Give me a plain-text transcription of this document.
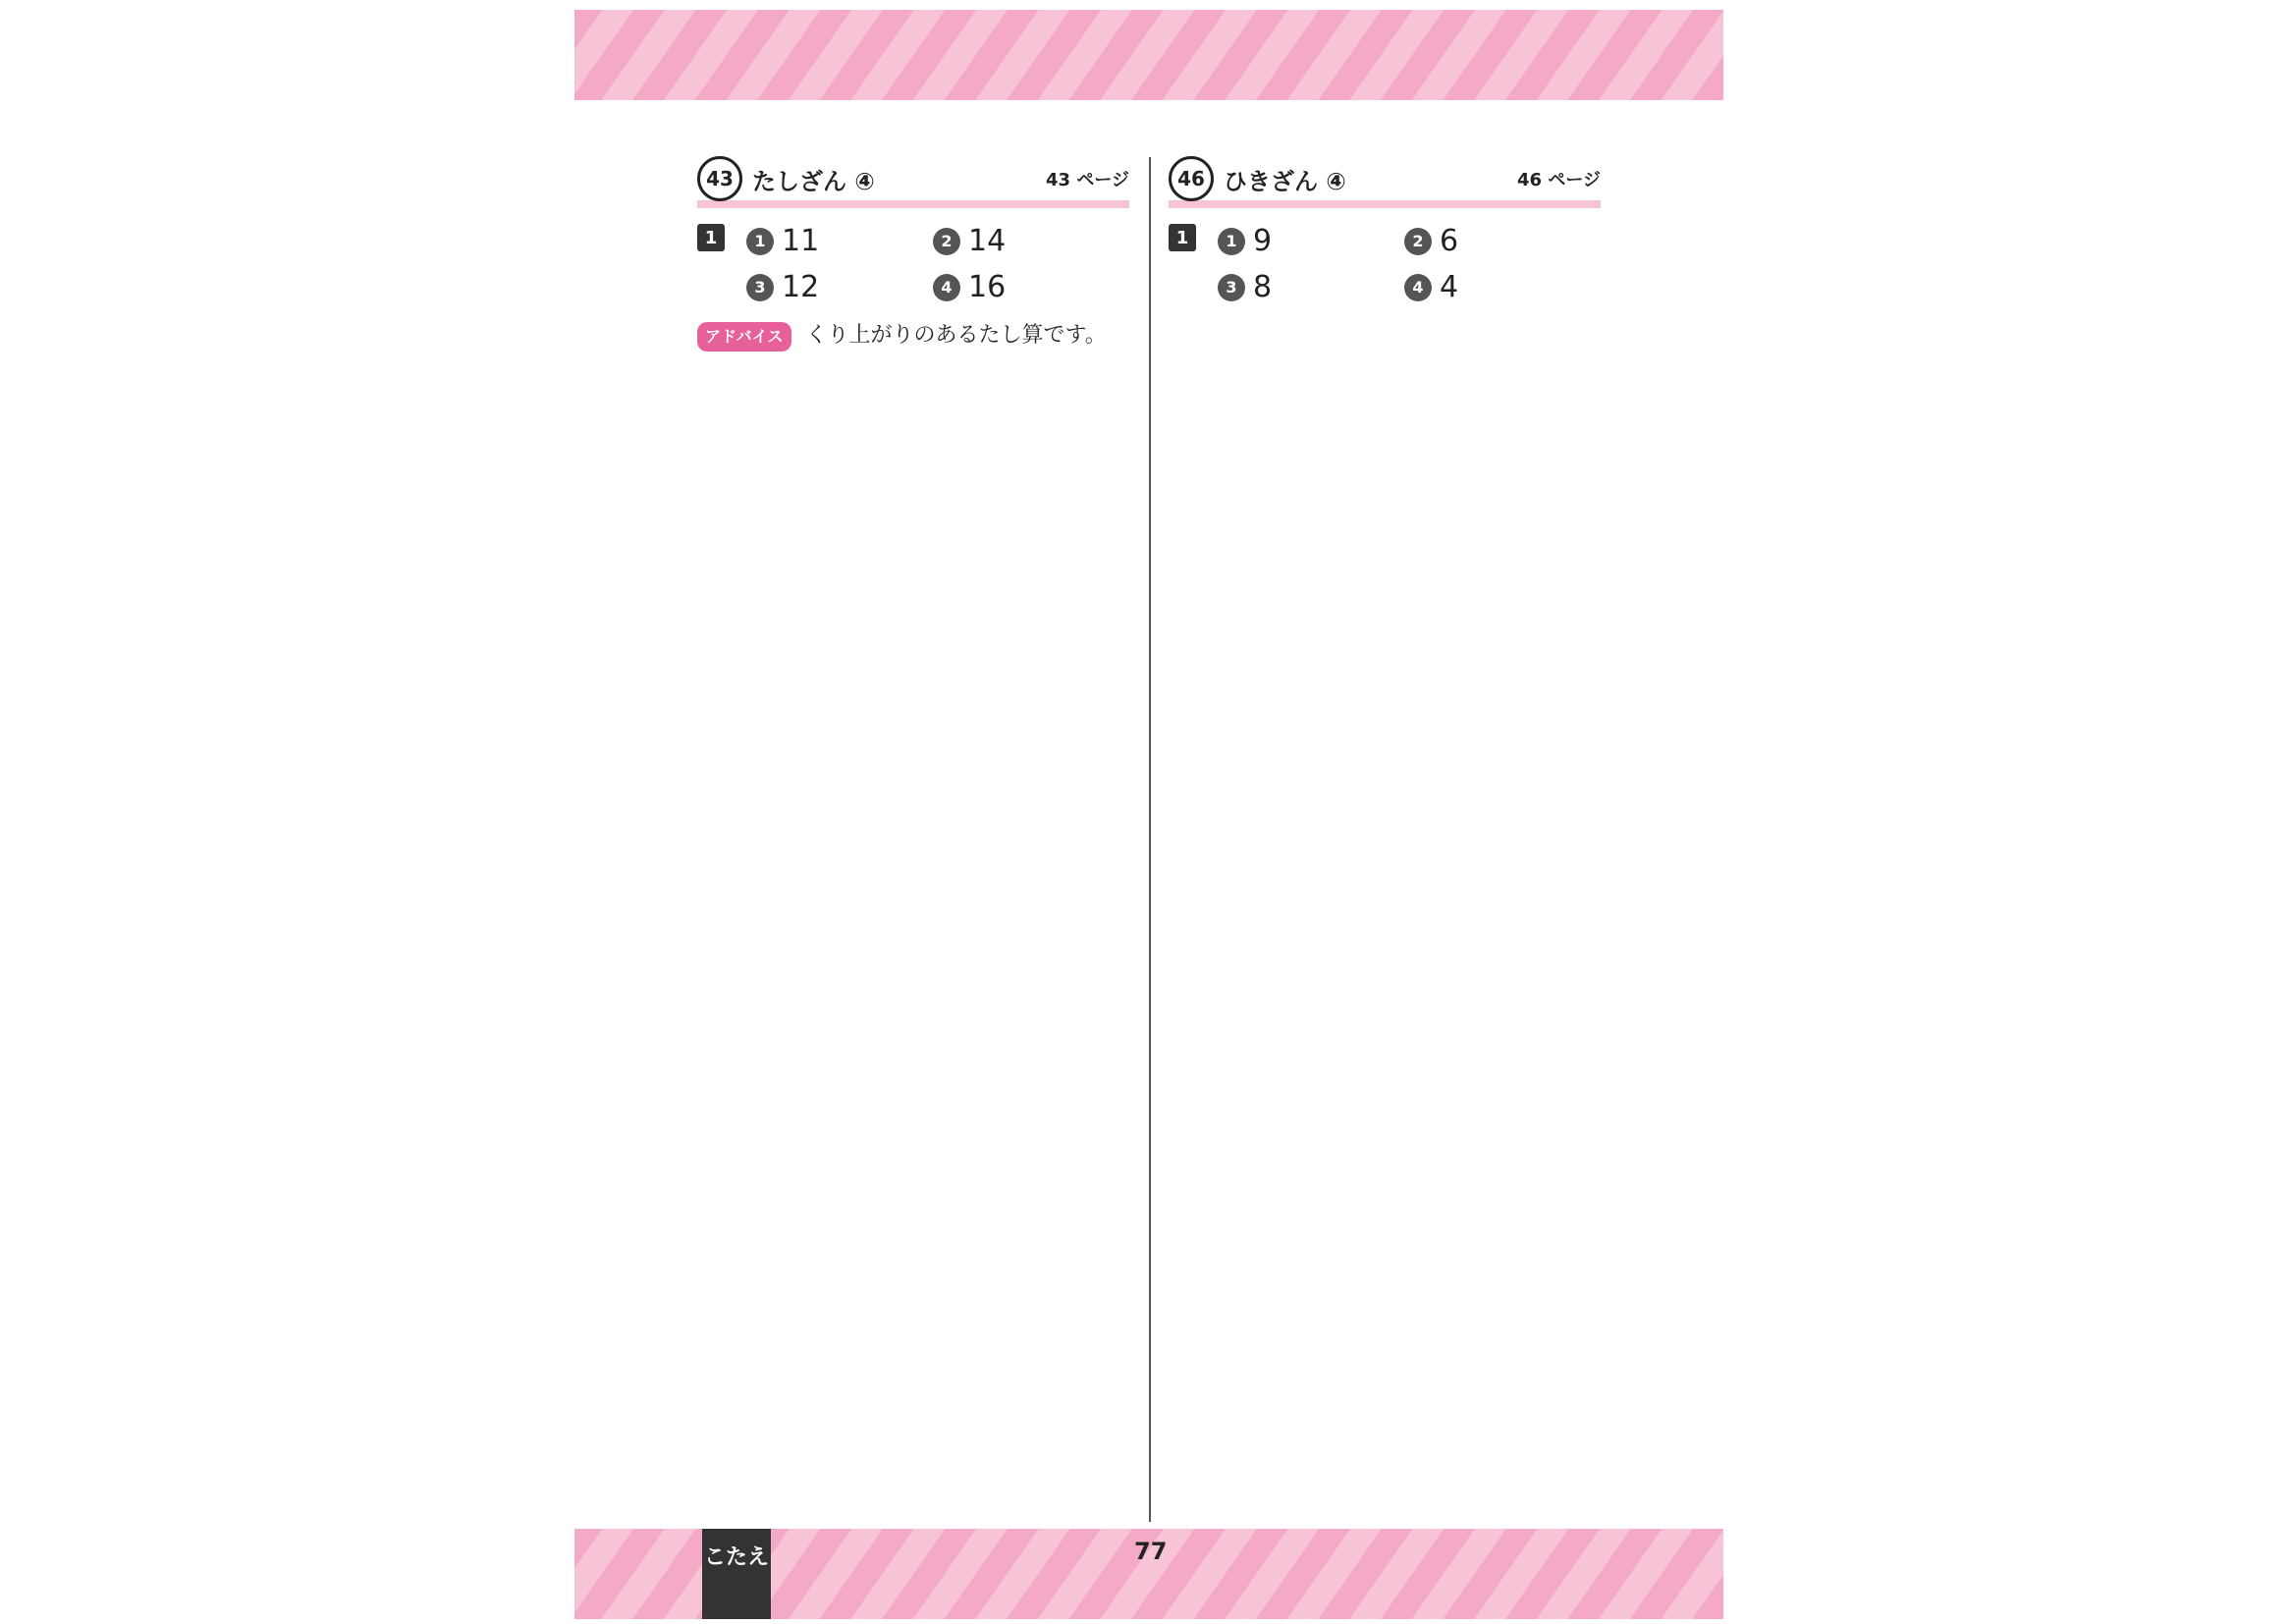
43 たしざん ④	43 ページ
1	1 11	2 14
3 12	4 16
アドバイス くり上がりのあるたし算です。
46 ひきざん ④	46 ページ
1	1 9	2 6
3 8	4 4
こたえ	77
